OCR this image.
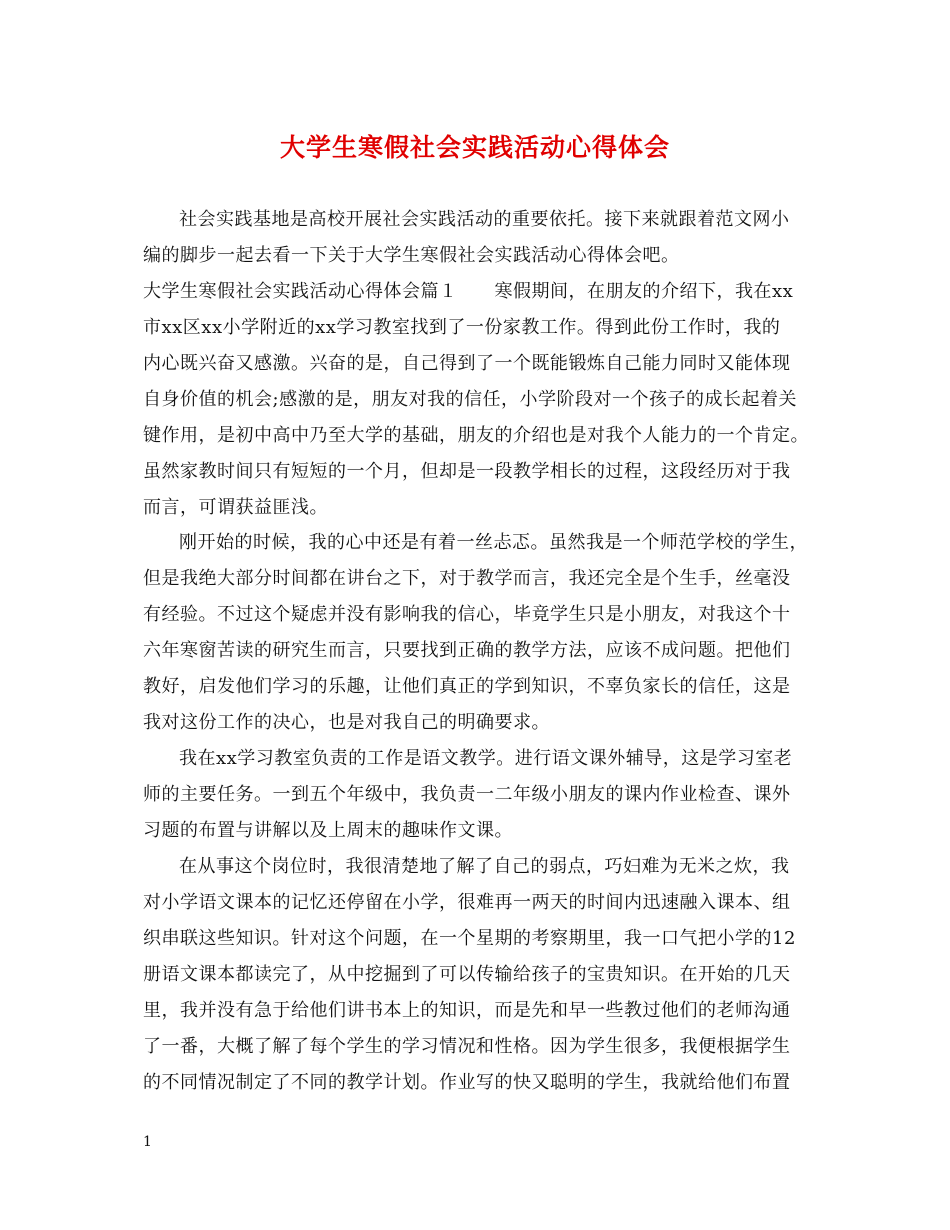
大学生寒假社会实践活动心得体会
社会实践基地是高校开展社会实践活动的重要依托。接下来就跟着范文网小
编的脚步一起去看一下关于大学生寒假社会实践活动心得体会吧。
大学生寒假社会实践活动心得体会篇１　　寒假期间，在朋友的介绍下，我在xx
市xx区xx小学附近的xx学习教室找到了一份家教工作。得到此份工作时，我的
内心既兴奋又感激。兴奋的是，自己得到了一个既能锻炼自己能力同时又能体现
自身价值的机会;感激的是，朋友对我的信任，小学阶段对一个孩子的成长起着关
键作用，是初中高中乃至大学的基础，朋友的介绍也是对我个人能力的一个肯定。
虽然家教时间只有短短的一个月，但却是一段教学相长的过程，这段经历对于我
而言，可谓获益匪浅。
刚开始的时候，我的心中还是有着一丝忐忑。虽然我是一个师范学校的学生，
但是我绝大部分时间都在讲台之下，对于教学而言，我还完全是个生手，丝毫没
有经验。不过这个疑虑并没有影响我的信心，毕竟学生只是小朋友，对我这个十
六年寒窗苦读的研究生而言，只要找到正确的教学方法，应该不成问题。把他们
教好，启发他们学习的乐趣，让他们真正的学到知识，不辜负家长的信任，这是
我对这份工作的决心，也是对我自己的明确要求。
我在xx学习教室负责的工作是语文教学。进行语文课外辅导，这是学习室老
师的主要任务。一到五个年级中，我负责一二年级小朋友的课内作业检查、课外
习题的布置与讲解以及上周末的趣味作文课。
在从事这个岗位时，我很清楚地了解了自己的弱点，巧妇难为无米之炊，我
对小学语文课本的记忆还停留在小学，很难再一两天的时间内迅速融入课本、组
织串联这些知识。针对这个问题，在一个星期的考察期里，我一口气把小学的12
册语文课本都读完了，从中挖掘到了可以传输给孩子的宝贵知识。在开始的几天
里，我并没有急于给他们讲书本上的知识，而是先和早一些教过他们的老师沟通
了一番，大概了解了每个学生的学习情况和性格。因为学生很多，我便根据学生
的不同情况制定了不同的教学计划。作业写的快又聪明的学生，我就给他们布置
1
